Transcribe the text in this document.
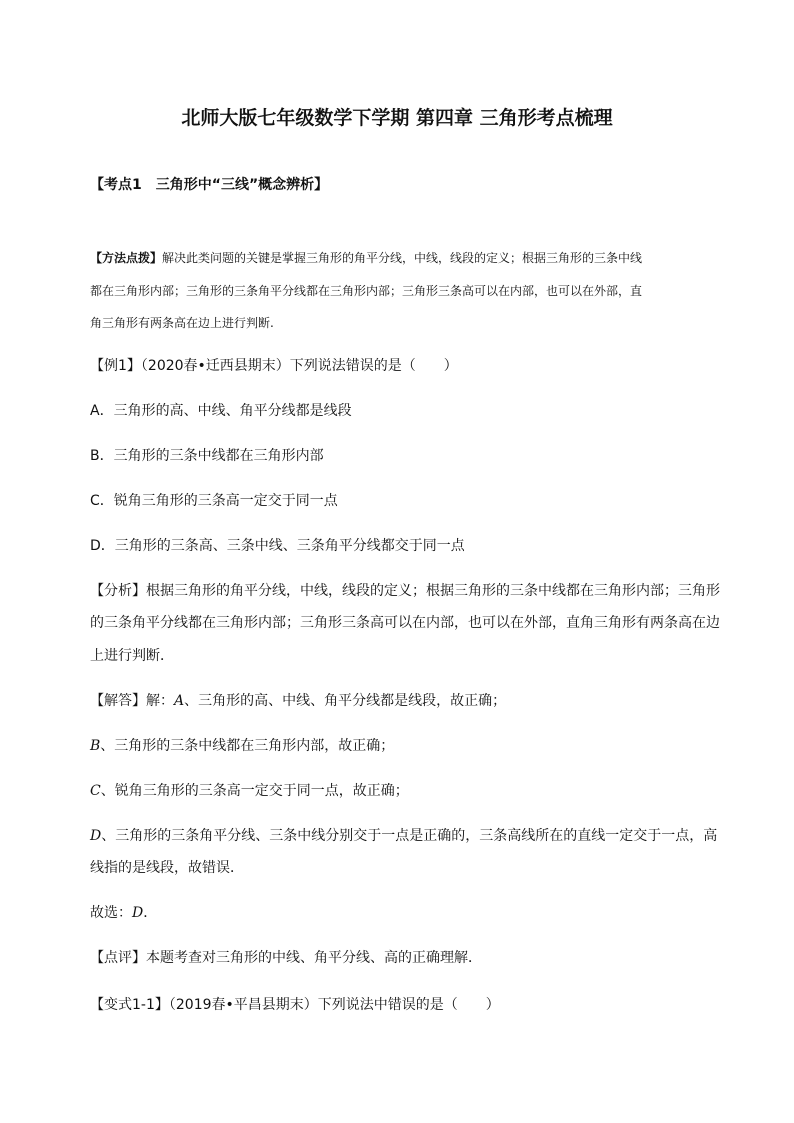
北师大版七年级数学下学期 第四章 三角形考点梳理
【考点1　三角形中“三线”概念辨析】
【方法点拨】解决此类问题的关键是掌握三角形的角平分线，中线，线段的定义；根据三角形的三条中线
都在三角形内部；三角形的三条角平分线都在三角形内部；三角形三条高可以在内部，也可以在外部，直
角三角形有两条高在边上进行判断.
【例1】（2020春•迁西县期末）下列说法错误的是（　　）
A．三角形的高、中线、角平分线都是线段
B．三角形的三条中线都在三角形内部
C．锐角三角形的三条高一定交于同一点
D．三角形的三条高、三条中线、三条角平分线都交于同一点
【分析】根据三角形的角平分线，中线，线段的定义；根据三角形的三条中线都在三角形内部；三角形
的三条角平分线都在三角形内部；三角形三条高可以在内部，也可以在外部，直角三角形有两条高在边
上进行判断．
【解答】解：A、三角形的高、中线、角平分线都是线段，故正确；
B、三角形的三条中线都在三角形内部，故正确；
C、锐角三角形的三条高一定交于同一点，故正确；
D、三角形的三条角平分线、三条中线分别交于一点是正确的，三条高线所在的直线一定交于一点，高
线指的是线段，故错误．
故选：D．
【点评】本题考查对三角形的中线、角平分线、高的正确理解．
【变式1-1】（2019春•平昌县期末）下列说法中错误的是（　　）
